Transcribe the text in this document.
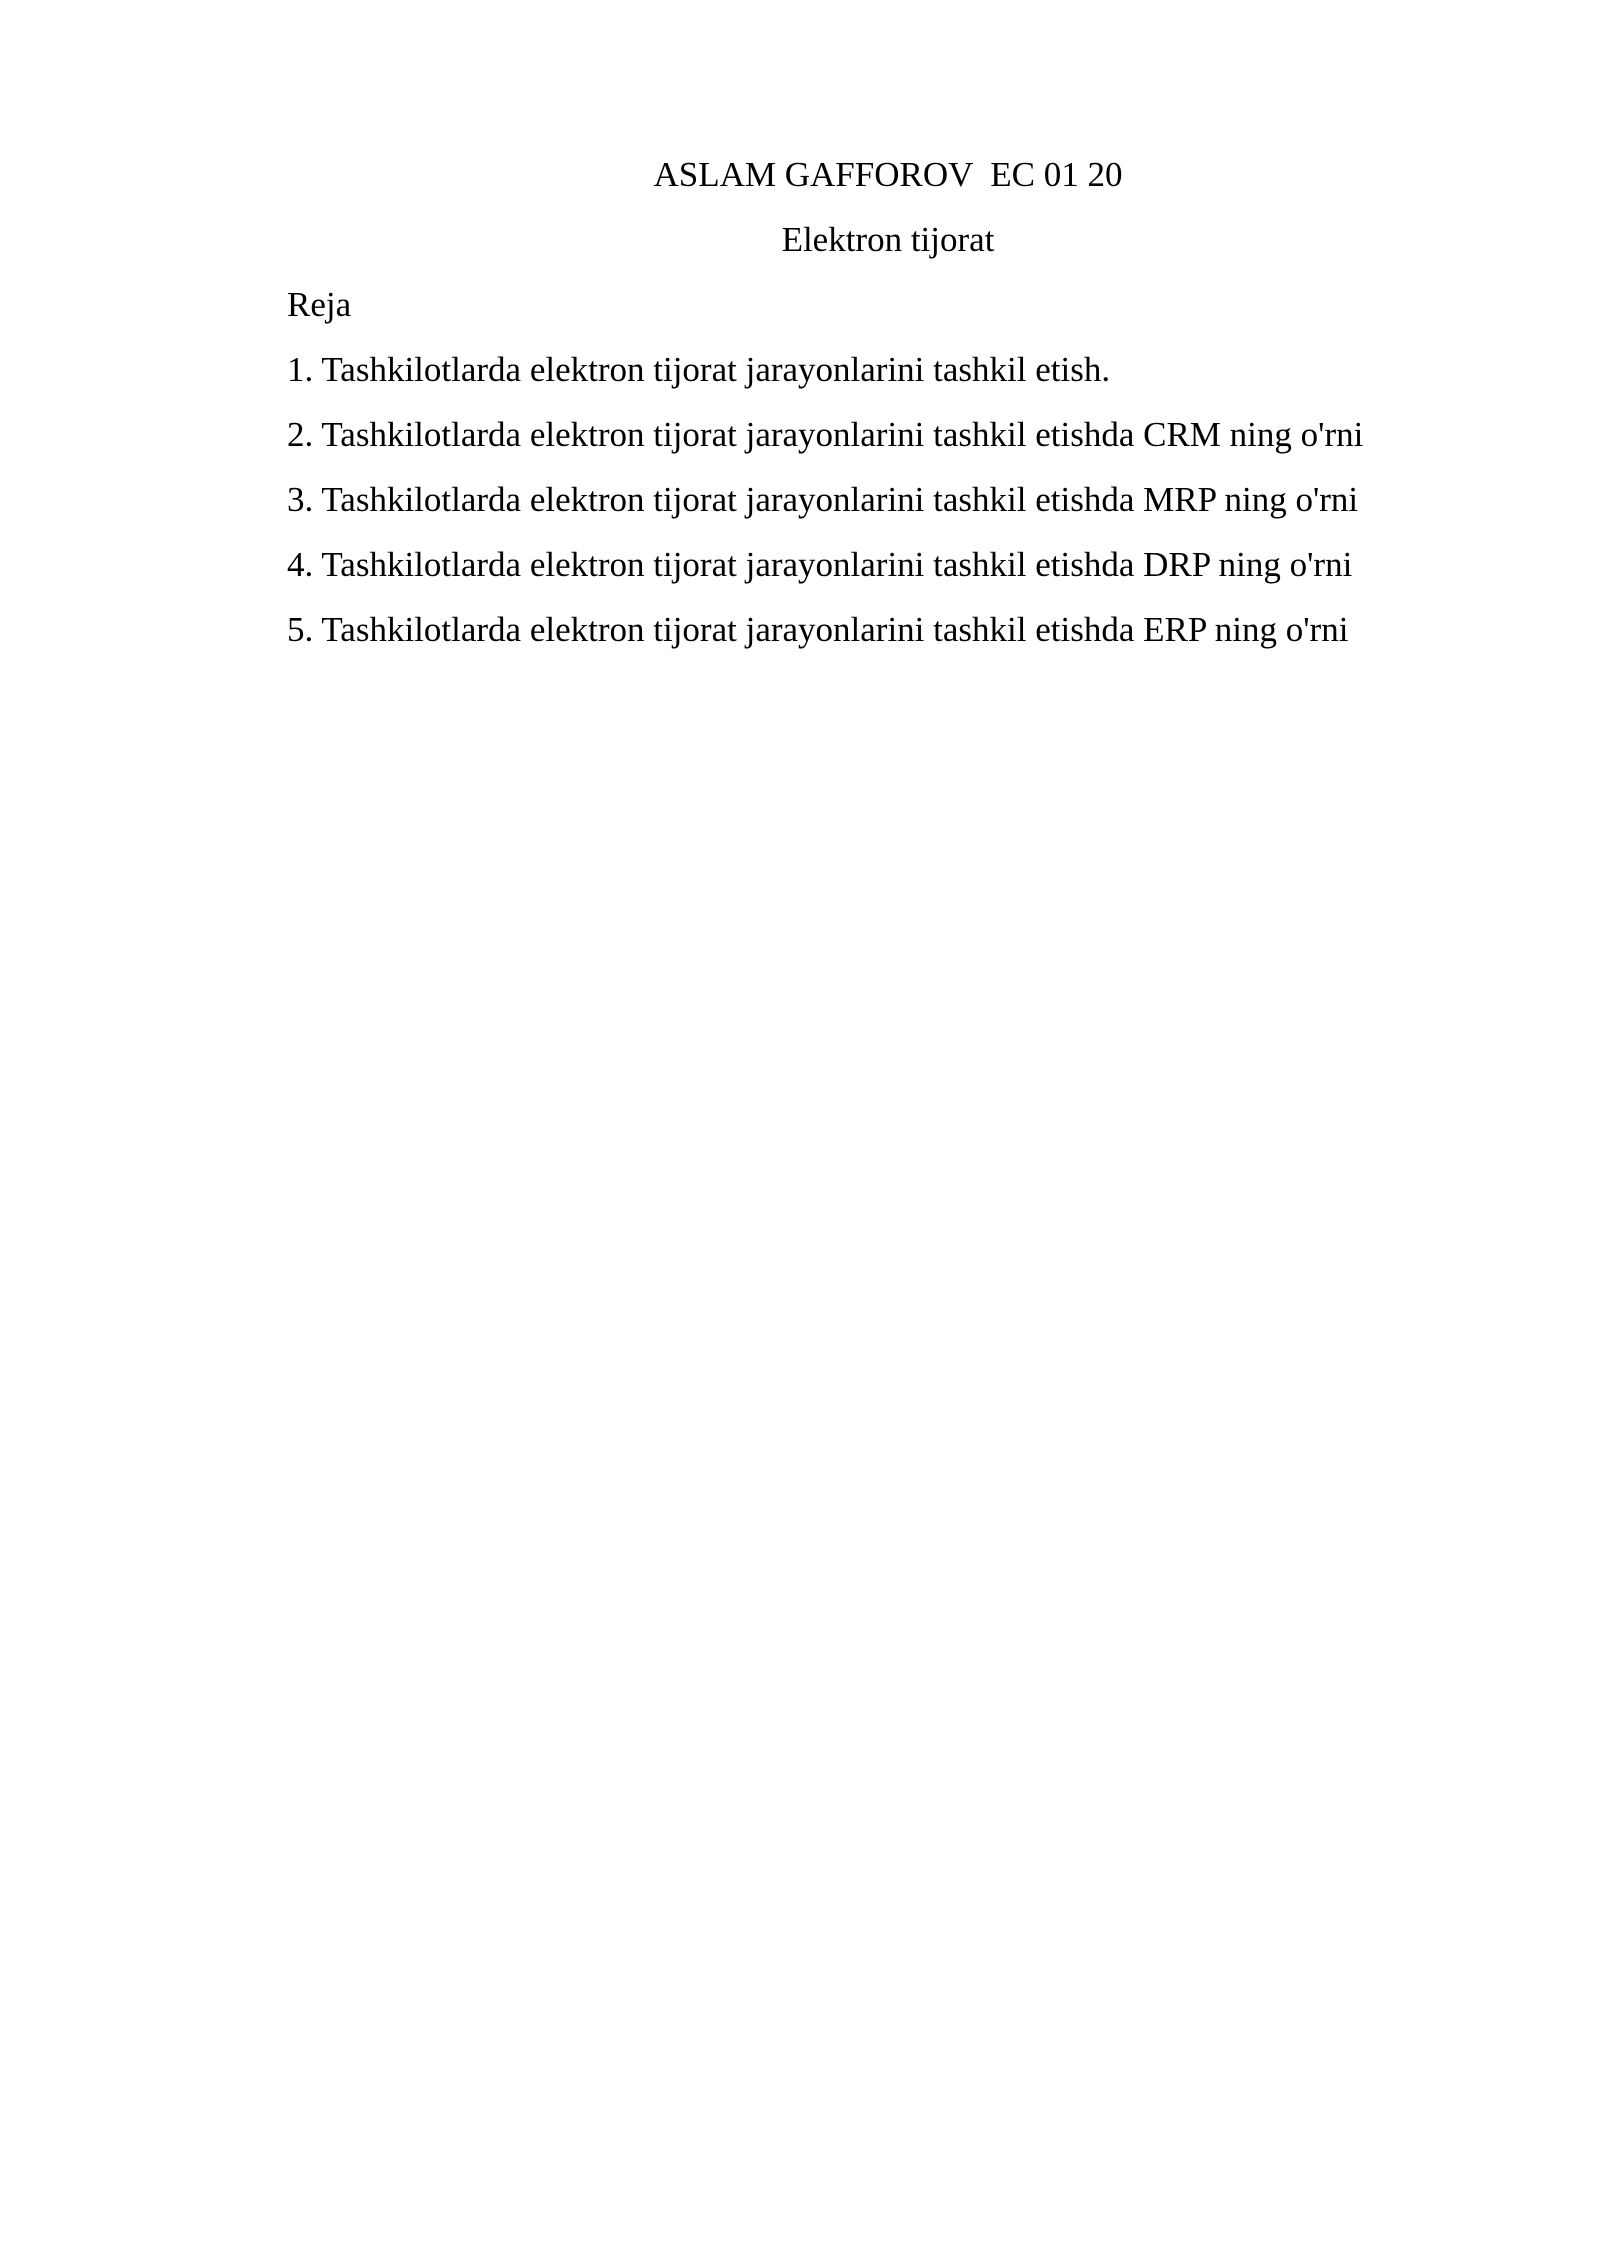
ASLAM GAFFOROV  EC 01 20
Elektron tijorat
Reja
1. Tashkilotlarda elektron tijorat jarayonlarini tashkil etish.
2. Tashkilotlarda elektron tijorat jarayonlarini tashkil etishda CRM ning o'rni
3. Tashkilotlarda elektron tijorat jarayonlarini tashkil etishda MRP ning o'rni
4. Tashkilotlarda elektron tijorat jarayonlarini tashkil etishda DRP ning o'rni
5. Tashkilotlarda elektron tijorat jarayonlarini tashkil etishda ERP ning o'rni
